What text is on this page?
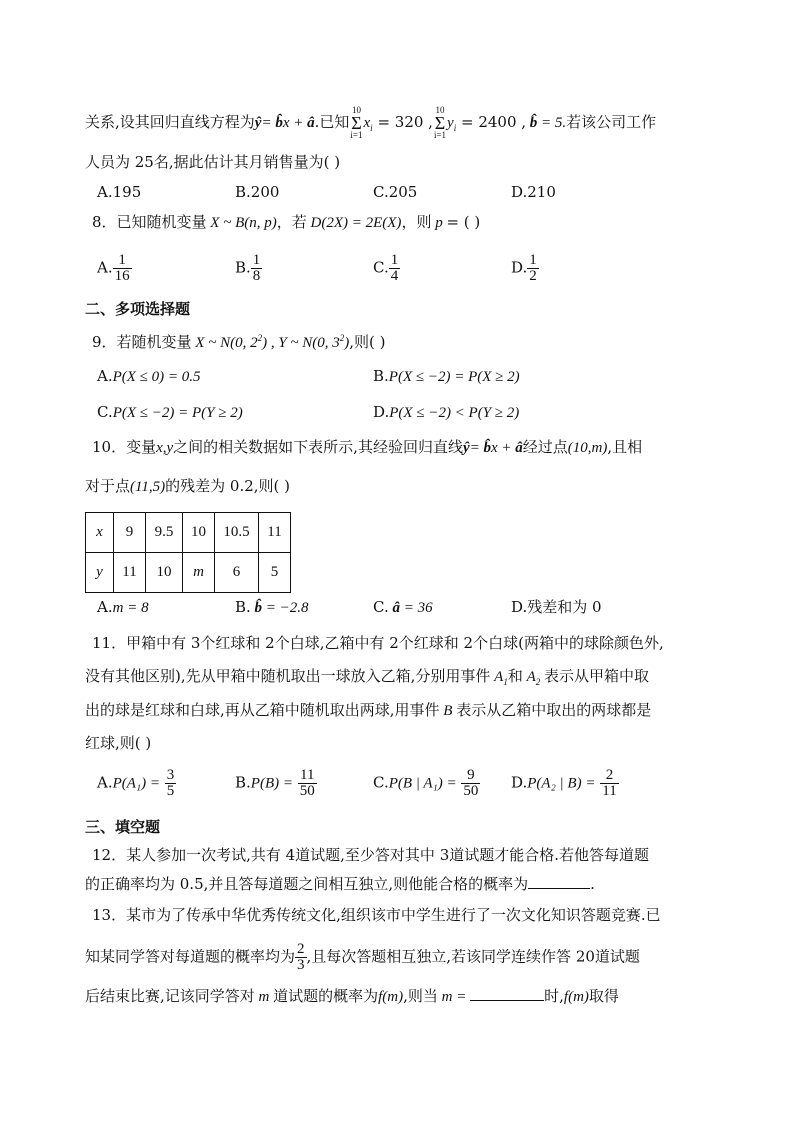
关系,设其回归直线方程为ŷ= b̂x + â.已知
10
Σ
i=1
$x_i = 320$ ,
10
Σ
i=1
$y_i = 2400$ , b̂ = 5.若该公司工作
人员为 25名,据此估计其月销售量为( )
A.195	B.200	C.205	D.210
8．已知随机变量 X ~ B(n, p)，若 D(2X) = 2E(X)，则 p = ( )
A. $\frac{1}{16}$	B. $\frac{1}{8}$	C. $\frac{1}{4}$	D. $\frac{1}{2}$
二、多项选择题
9．若随机变量 X ~ N(0, $2^2$) , Y ~ N(0, $3^2$),则( )
A.P(X ≤ 0) = 0.5	B.P(X ≤ −2) = P(X ≥ 2)
C.P(X ≤ −2) = P(Y ≥ 2)	D.P(X ≤ −2) < P(Y ≥ 2)
10．变量x,y之间的相关数据如下表所示,其经验回归直线ŷ= b̂x + â经过点(10,m),且相
对于点(11,5)的残差为 0.2,则( )
x	9	9.5	10	10.5	11
y	11	10	m	6	5
A.m = 8	B. b̂ = −2.8	C. â = 36	D.残差和为 0
11．甲箱中有 3个红球和 2个白球,乙箱中有 2个红球和 2个白球(两箱中的球除颜色外,
没有其他区别),先从甲箱中随机取出一球放入乙箱,分别用事件 $A_1$和 $A_2$ 表示从甲箱中取
出的球是红球和白球,再从乙箱中随机取出两球,用事件 B 表示从乙箱中取出的两球都是
红球,则( )
$A.P(A_1) = \frac{3}{5}$	$B.P(B) = \frac{11}{50}$	C.P(B | $A_1) = \frac{9}{50} D.P(A_2$ | $B) = \frac{2}{11}$
三、填空题
12．某人参加一次考试,共有 4道试题,至少答对其中 3道试题才能合格.若他答每道题
的正确率均为 0.5,并且答每道题之间相互独立,则他能合格的概率为	.
13．某市为了传承中华优秀传统文化,组织该市中学生进行了一次文化知识答题竞赛.已
知某同学答对每道题的概率均为 $\frac{2}{3}$ ,且每次答题相互独立,若该同学连续作答 20道试题
后结束比赛,记该同学答对 m 道试题的概率为f(m),则当 m =	时,f(m)取得
